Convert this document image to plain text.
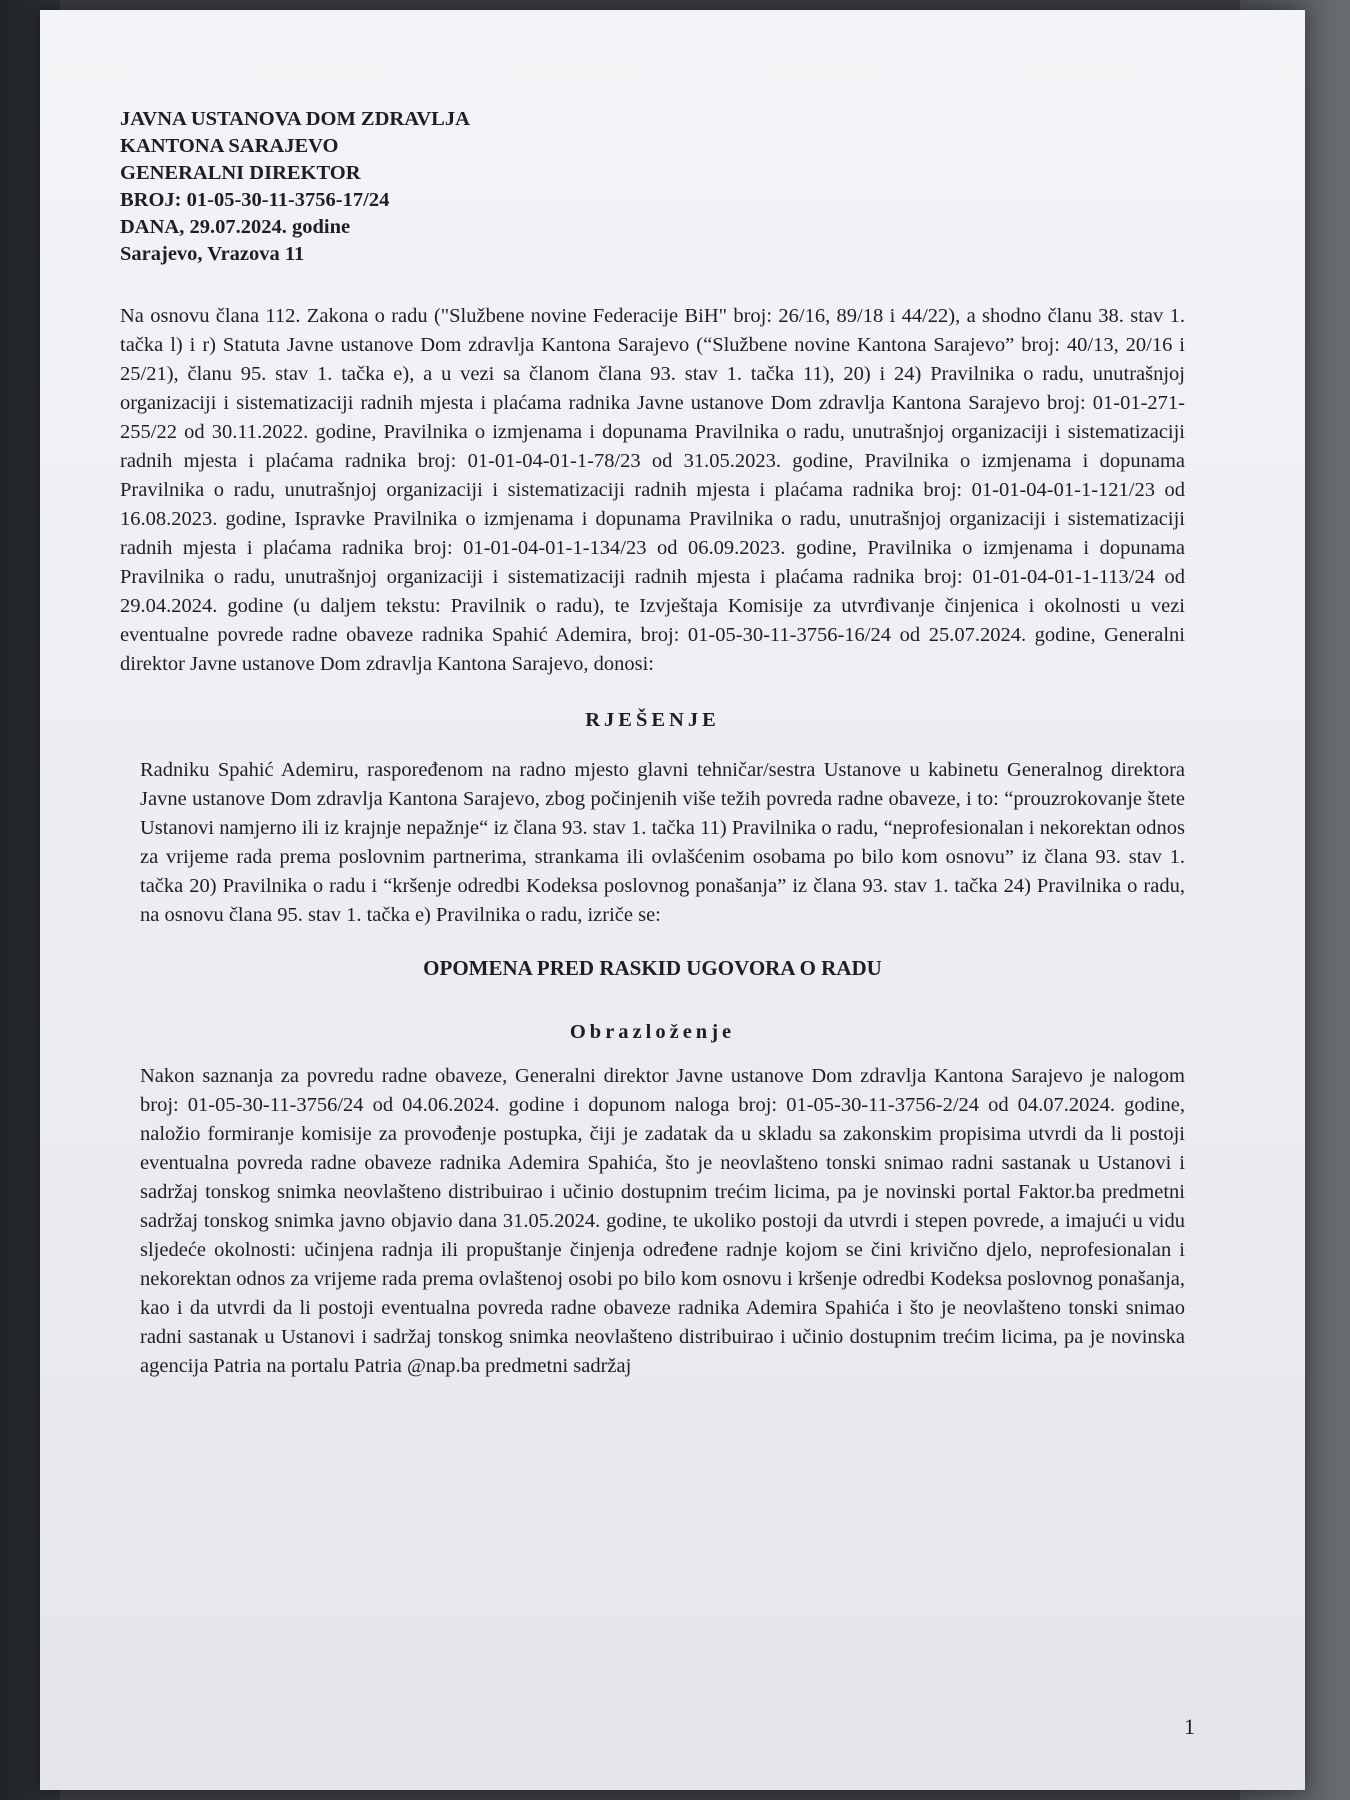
JAVNA USTANOVA DOM ZDRAVLJA
KANTONA SARAJEVO
GENERALNI DIREKTOR
BROJ: 01-05-30-11-3756-17/24
DANA, 29.07.2024. godine
Sarajevo, Vrazova 11

Na osnovu člana 112. Zakona o radu ("Službene novine Federacije BiH" broj: 26/16, 89/18 i 44/22), a shodno članu 38. stav 1. tačka l) i r) Statuta Javne ustanove Dom zdravlja Kantona Sarajevo (“Službene novine Kantona Sarajevo” broj: 40/13, 20/16 i 25/21), članu 95. stav 1. tačka e), a u vezi sa članom člana 93. stav 1. tačka 11), 20) i 24) Pravilnika o radu, unutrašnjoj organizaciji i sistematizaciji radnih mjesta i plaćama radnika Javne ustanove Dom zdravlja Kantona Sarajevo broj: 01-01-271-255/22 od 30.11.2022. godine, Pravilnika o izmjenama i dopunama Pravilnika o radu, unutrašnjoj organizaciji i sistematizaciji radnih mjesta i plaćama radnika broj: 01-01-04-01-1-78/23 od 31.05.2023. godine, Pravilnika o izmjenama i dopunama Pravilnika o radu, unutrašnjoj organizaciji i sistematizaciji radnih mjesta i plaćama radnika broj: 01-01-04-01-1-121/23 od 16.08.2023. godine, Ispravke Pravilnika o izmjenama i dopunama Pravilnika o radu, unutrašnjoj organizaciji i sistematizaciji radnih mjesta i plaćama radnika broj: 01-01-04-01-1-134/23 od 06.09.2023. godine, Pravilnika o izmjenama i dopunama Pravilnika o radu, unutrašnjoj organizaciji i sistematizaciji radnih mjesta i plaćama radnika broj: 01-01-04-01-1-113/24 od 29.04.2024. godine (u daljem tekstu: Pravilnik o radu), te Izvještaja Komisije za utvrđivanje činjenica i okolnosti u vezi eventualne povrede radne obaveze radnika Spahić Ademira, broj: 01-05-30-11-3756-16/24 od 25.07.2024. godine, Generalni direktor Javne ustanove Dom zdravlja Kantona Sarajevo, donosi:

RJEŠENJE

Radniku Spahić Ademiru, raspoređenom na radno mjesto glavni tehničar/sestra Ustanove u kabinetu Generalnog direktora Javne ustanove Dom zdravlja Kantona Sarajevo, zbog počinjenih više težih povreda radne obaveze, i to: “prouzrokovanje štete Ustanovi namjerno ili iz krajnje nepažnje“ iz člana 93. stav 1. tačka 11) Pravilnika o radu, “neprofesionalan i nekorektan odnos za vrijeme rada prema poslovnim partnerima, strankama ili ovlašćenim osobama po bilo kom osnovu” iz člana 93. stav 1. tačka 20) Pravilnika o radu i “kršenje odredbi Kodeksa poslovnog ponašanja” iz člana 93. stav 1. tačka 24) Pravilnika o radu, na osnovu člana 95. stav 1. tačka e) Pravilnika o radu, izriče se:

OPOMENA PRED RASKID UGOVORA O RADU
Obrazloženje

Nakon saznanja za povredu radne obaveze, Generalni direktor Javne ustanove Dom zdravlja Kantona Sarajevo je nalogom broj: 01-05-30-11-3756/24 od 04.06.2024. godine i dopunom naloga broj: 01-05-30-11-3756-2/24 od 04.07.2024. godine, naložio formiranje komisije za provođenje postupka, čiji je zadatak da u skladu sa zakonskim propisima utvrdi da li postoji eventualna povreda radne obaveze radnika Ademira Spahića, što je neovlašteno tonski snimao radni sastanak u Ustanovi i sadržaj tonskog snimka neovlašteno distribuirao i učinio dostupnim trećim licima, pa je novinski portal Faktor.ba predmetni sadržaj tonskog snimka javno objavio dana 31.05.2024. godine, te ukoliko postoji da utvrdi i stepen povrede, a imajući u vidu sljedeće okolnosti: učinjena radnja ili propuštanje činjenja određene radnje kojom se čini krivično djelo, neprofesionalan i nekorektan odnos za vrijeme rada prema ovlaštenoj osobi po bilo kom osnovu i kršenje odredbi Kodeksa poslovnog ponašanja, kao i da utvrdi da li postoji eventualna povreda radne obaveze radnika Ademira Spahića i što je neovlašteno tonski snimao radni sastanak u Ustanovi i sadržaj tonskog snimka neovlašteno distribuirao i učinio dostupnim trećim licima, pa je novinska agencija Patria na portalu Patria @nap.ba predmetni sadržaj

1
